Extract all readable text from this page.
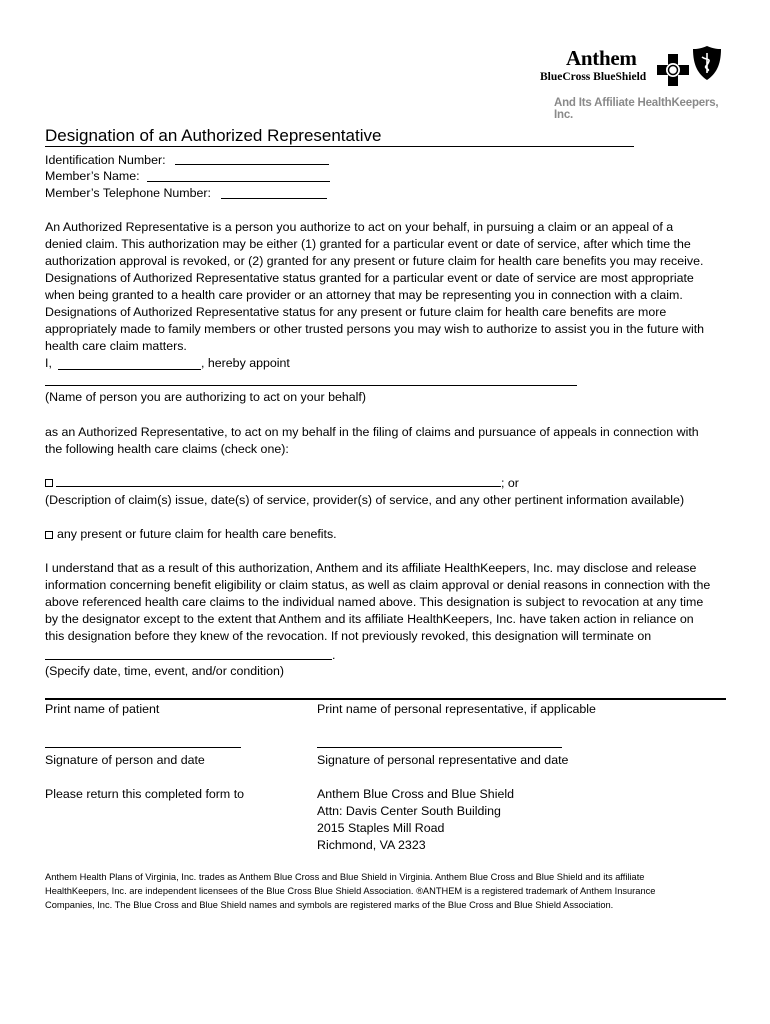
Anthem
BlueCross BlueShield
And Its Affiliate HealthKeepers, Inc.
Designation of an Authorized Representative
Identification Number:
Member’s Name:
Member’s Telephone Number:
An Authorized Representative is a person you authorize to act on your behalf, in pursuing a claim or an appeal of a
denied claim. This authorization may be either (1) granted for a particular event or date of service, after which time the
authorization approval is revoked, or (2) granted for any present or future claim for health care benefits you may receive.
Designations of Authorized Representative status granted for a particular event or date of service are most appropriate
when being granted to a health care provider or an attorney that may be representing you in connection with a claim.
Designations of Authorized Representative status for any present or future claim for health care benefits are more
appropriately made to family members or other trusted persons you may wish to authorize to assist you in the future with
health care claim matters.
I,	, hereby appoint
(Name of person you are authorizing to act on your behalf)
as an Authorized Representative, to act on my behalf in the filing of claims and pursuance of appeals in connection with
the following health care claims (check one):
; or
(Description of claim(s) issue, date(s) of service, provider(s) of service, and any other pertinent information available)
any present or future claim for health care benefits.
I understand that as a result of this authorization, Anthem and its affiliate HealthKeepers, Inc. may disclose and release
information concerning benefit eligibility or claim status, as well as claim approval or denial reasons in connection with the
above referenced health care claims to the individual named above. This designation is subject to revocation at any time
by the designator except to the extent that Anthem and its affiliate HealthKeepers, Inc. have taken action in reliance on
this designation before they knew of the revocation. If not previously revoked, this designation will terminate on
.
(Specify date, time, event, and/or condition)
Print name of patient	Print name of personal representative, if applicable
Signature of person and date	Signature of personal representative and date
Please return this completed form to	Anthem Blue Cross and Blue Shield
Attn: Davis Center South Building
2015 Staples Mill Road
Richmond, VA 2323
Anthem Health Plans of Virginia, Inc. trades as Anthem Blue Cross and Blue Shield in Virginia. Anthem Blue Cross and Blue Shield and its affiliate
HealthKeepers, Inc. are independent licensees of the Blue Cross Blue Shield Association. ®ANTHEM is a registered trademark of Anthem Insurance
Companies, Inc. The Blue Cross and Blue Shield names and symbols are registered marks of the Blue Cross and Blue Shield Association.
